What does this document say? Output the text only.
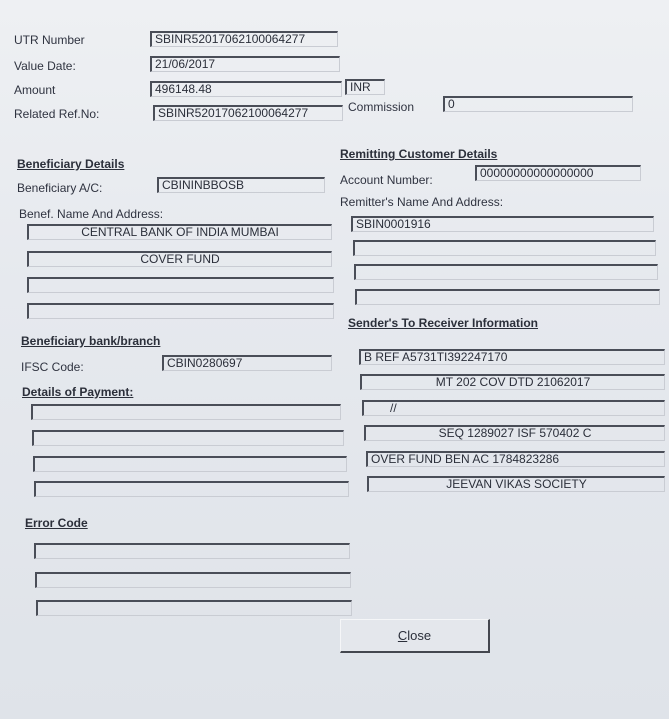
UTR Number	SBINR52017062100064277
Value Date:	21/06/2017
Amount	496148.48	INR
Related Ref.No:	SBINR52017062100064277	Commission	0
Beneficiary Details
Beneficiary A/C:	CBININBBOSB
Benef. Name And Address:
CENTRAL BANK OF INDIA MUMBAI
COVER FUND
Remitting Customer Details
Account Number:	00000000000000000
Remitter's Name And Address:
SBIN0001916
Beneficiary bank/branch
IFSC Code:	CBIN0280697
Details of Payment:
Sender's To Receiver Information
B REF A5731TI392247170
MT 202 COV DTD 21062017
//
SEQ 1289027 ISF 570402 C
OVER FUND BEN AC 1784823286
JEEVAN VIKAS SOCIETY
Error Code
Close
